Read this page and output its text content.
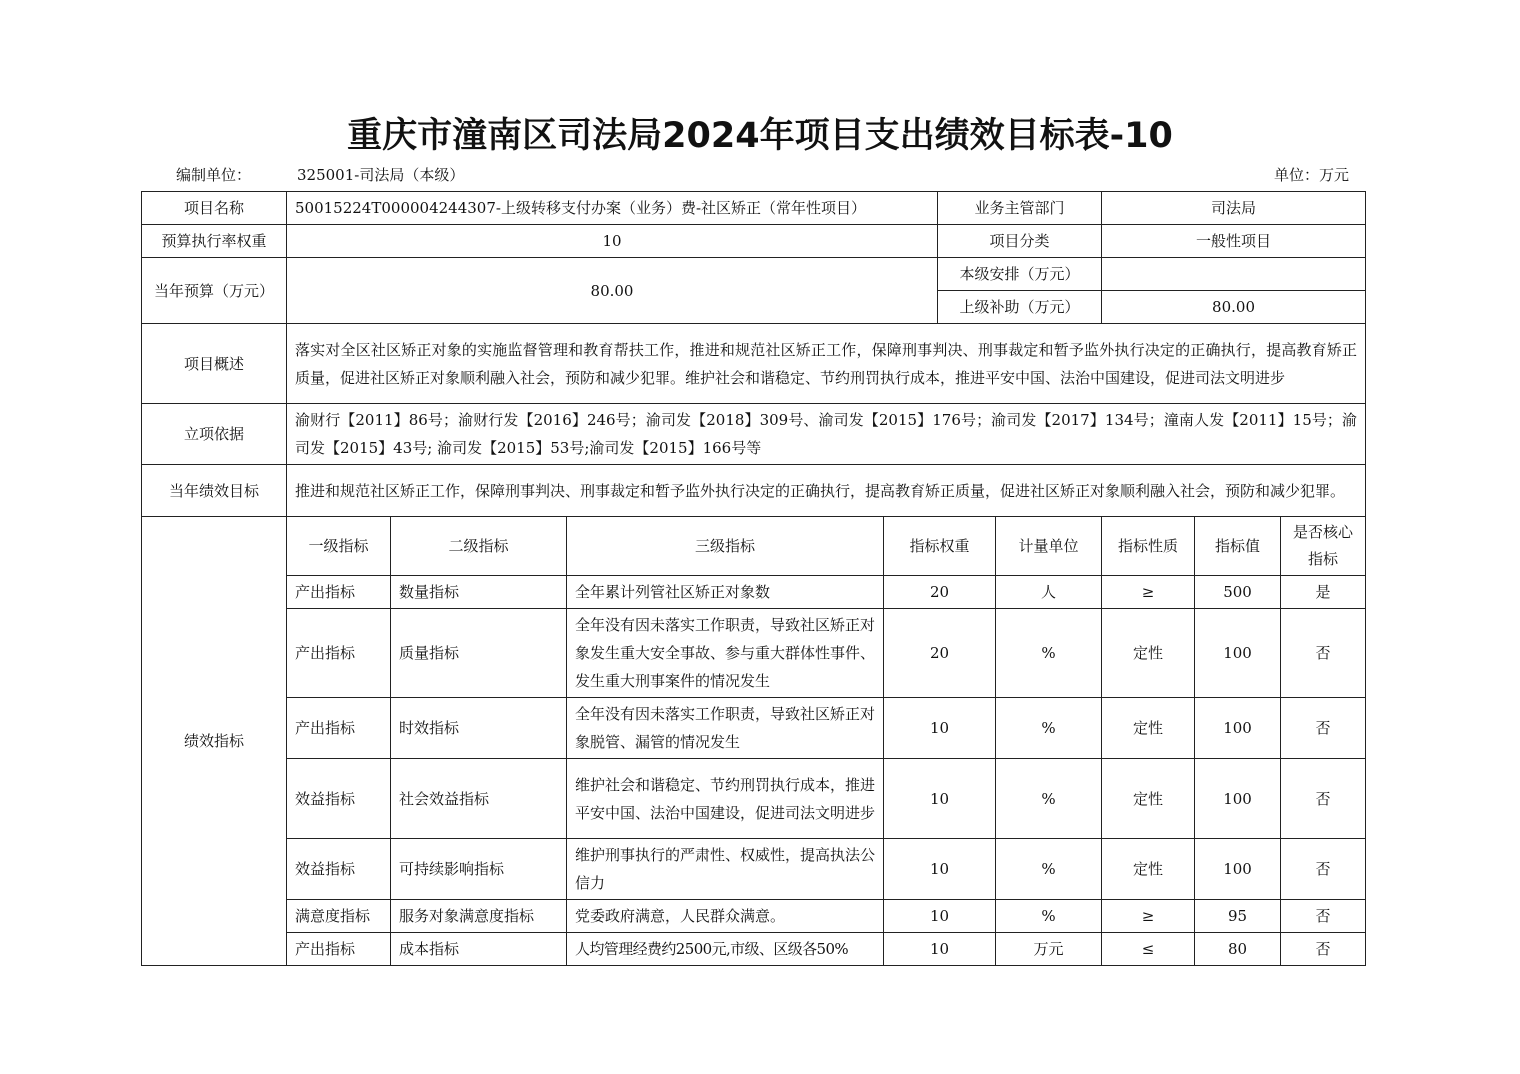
重庆市潼南区司法局2024年项目支出绩效目标表-10
编制单位：	325001-司法局（本级）	单位：万元
项目名称	50015224T000004244307-上级转移支付办案（业务）费-社区矫正（常年性项目）				业务主管部门		司法局		
预算执行率权重	10				项目分类		一般性项目		
当年预算（万元）	80.00				本级安排（万元）				
					上级补助（万元）		80.00		
项目概述	落实对全区社区矫正对象的实施监督管理和教育帮扶工作，推进和规范社区矫正工作，保障刑事判决、刑事裁定和暂予监外执行决定的正确执行，提高教育矫正质量，促进社区矫正对象顺利融入社会，预防和减少犯罪。维护社会和谐稳定、节约刑罚执行成本，推进平安中国、法治中国建设，促进司法文明进步								
立项依据	渝财行【2011】86号；渝财行发【2016】246号；渝司发【2018】309号、渝司发【2015】176号；渝司发【2017】134号；潼南人发【2011】15号；渝司发【2015】43号; 渝司发【2015】53号;渝司发【2015】166号等								
当年绩效目标	推进和规范社区矫正工作，保障刑事判决、刑事裁定和暂予监外执行决定的正确执行，提高教育矫正质量，促进社区矫正对象顺利融入社会，预防和减少犯罪。								
绩效指标	一级指标	二级指标	三级指标	指标权重		计量单位	指标性质	指标值	是否核心指标
	产出指标	数量指标	全年累计列管社区矫正对象数	20		人	≥	500	是
	产出指标	质量指标	全年没有因未落实工作职责，导致社区矫正对象发生重大安全事故、参与重大群体性事件、发生重大刑事案件的情况发生	20		%	定性	100	否
	产出指标	时效指标	全年没有因未落实工作职责，导致社区矫正对象脱管、漏管的情况发生	10		%	定性	100	否
	效益指标	社会效益指标	维护社会和谐稳定、节约刑罚执行成本，推进平安中国、法治中国建设，促进司法文明进步	10		%	定性	100	否
	效益指标	可持续影响指标	维护刑事执行的严肃性、权威性，提高执法公信力	10		%	定性	100	否
	满意度指标	服务对象满意度指标	党委政府满意，人民群众满意。	10		%	≥	95	否
	产出指标	成本指标	人均管理经费约2500元,市级、区级各50%	10		万元	≤	80	否
